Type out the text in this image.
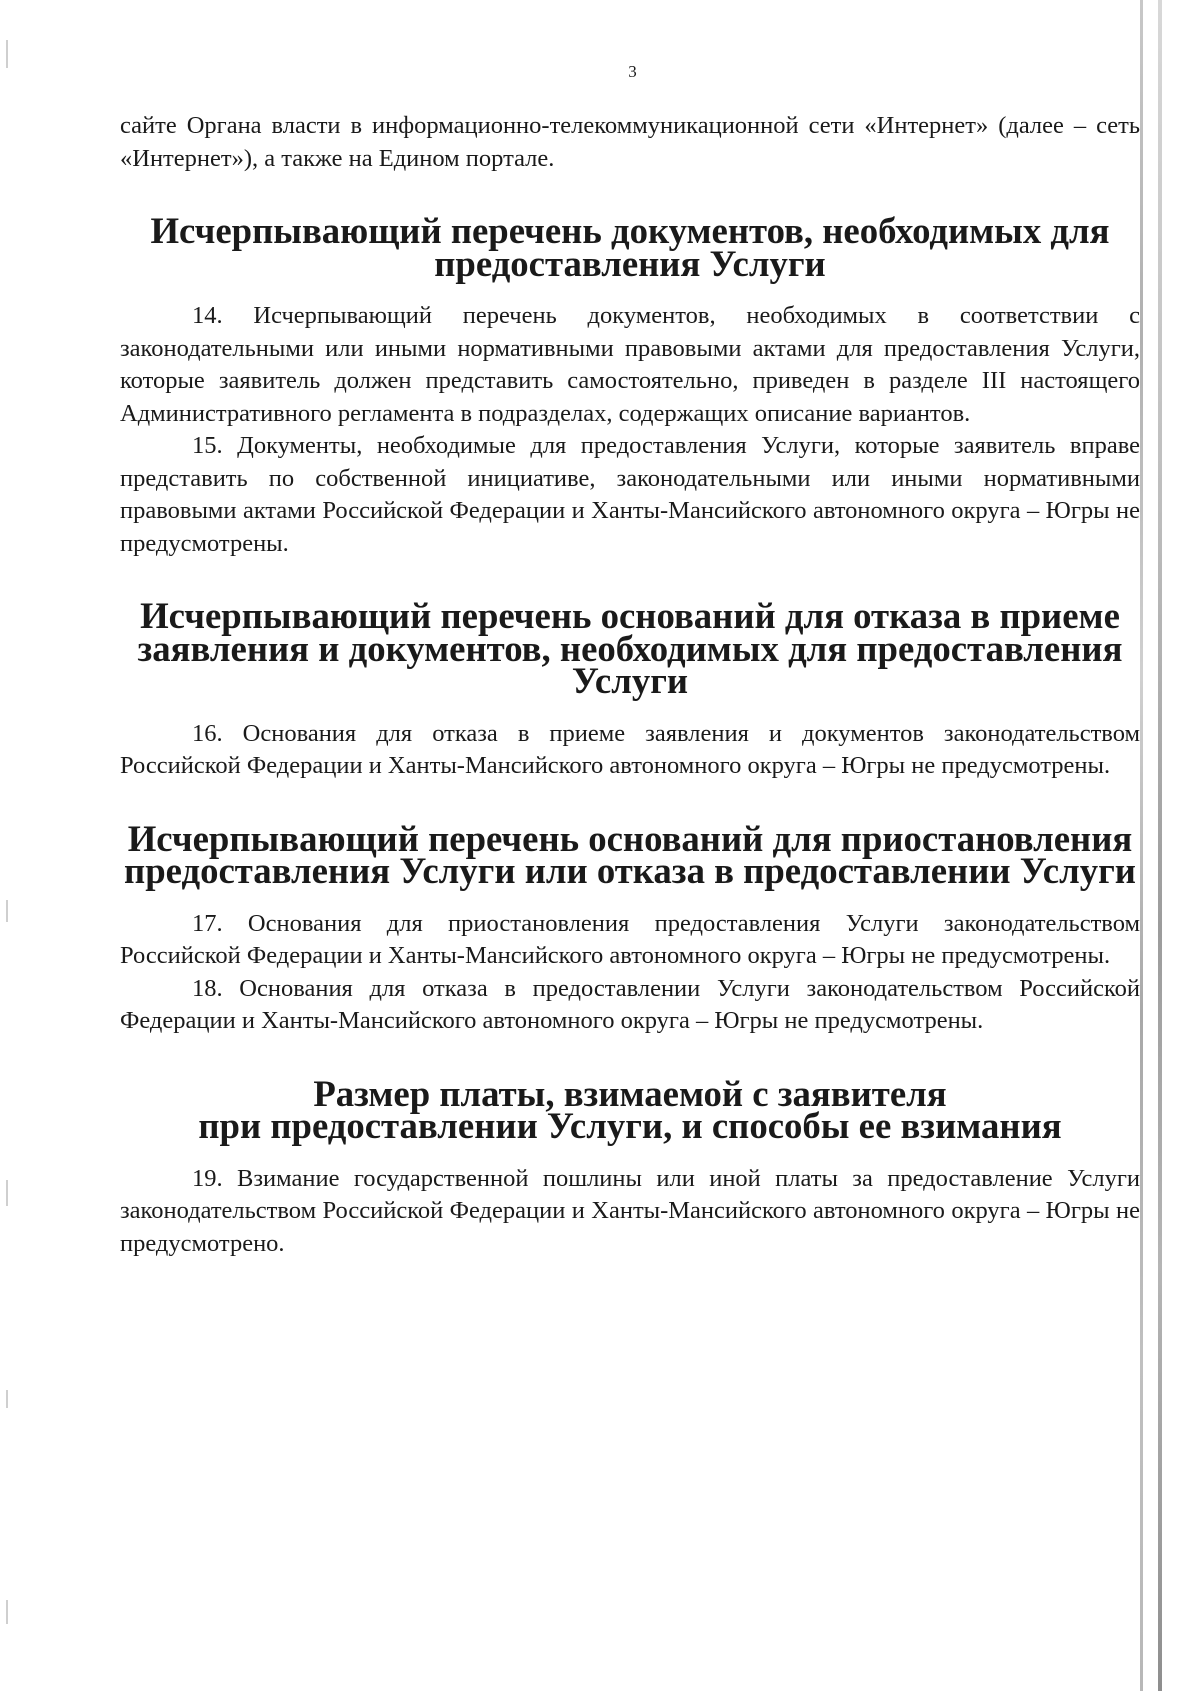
3

сайте Органа власти в информационно-телекоммуникационной сети «Интернет» (далее – сеть «Интернет»), а также на Едином портале.

Исчерпывающий перечень документов, необходимых для
предоставления Услуги

14. Исчерпывающий перечень документов, необходимых в соответствии с законодательными или иными нормативными правовыми актами для предоставления Услуги, которые заявитель должен представить самостоятельно, приведен в разделе III настоящего Административного регламента в подразделах, содержащих описание вариантов.

15. Документы, необходимые для предоставления Услуги, которые заявитель вправе представить по собственной инициативе, законодательными или иными нормативными правовыми актами Российской Федерации и Ханты-Мансийского автономного округа – Югры не предусмотрены.

Исчерпывающий перечень оснований для отказа в приеме
заявления и документов, необходимых для предоставления Услуги

16. Основания для отказа в приеме заявления и документов законодательством Российской Федерации и Ханты-Мансийского автономного округа – Югры не предусмотрены.

Исчерпывающий перечень оснований для приостановления
предоставления Услуги или отказа в предоставлении Услуги

17. Основания для приостановления предоставления Услуги законодательством Российской Федерации и Ханты-Мансийского автономного округа – Югры не предусмотрены.

18. Основания для отказа в предоставлении Услуги законодательством Российской Федерации и Ханты-Мансийского автономного округа – Югры не предусмотрены.

Размер платы, взимаемой с заявителя
при предоставлении Услуги, и способы ее взимания

19. Взимание государственной пошлины или иной платы за предоставление Услуги законодательством Российской Федерации и Ханты-Мансийского автономного округа – Югры не предусмотрено.
